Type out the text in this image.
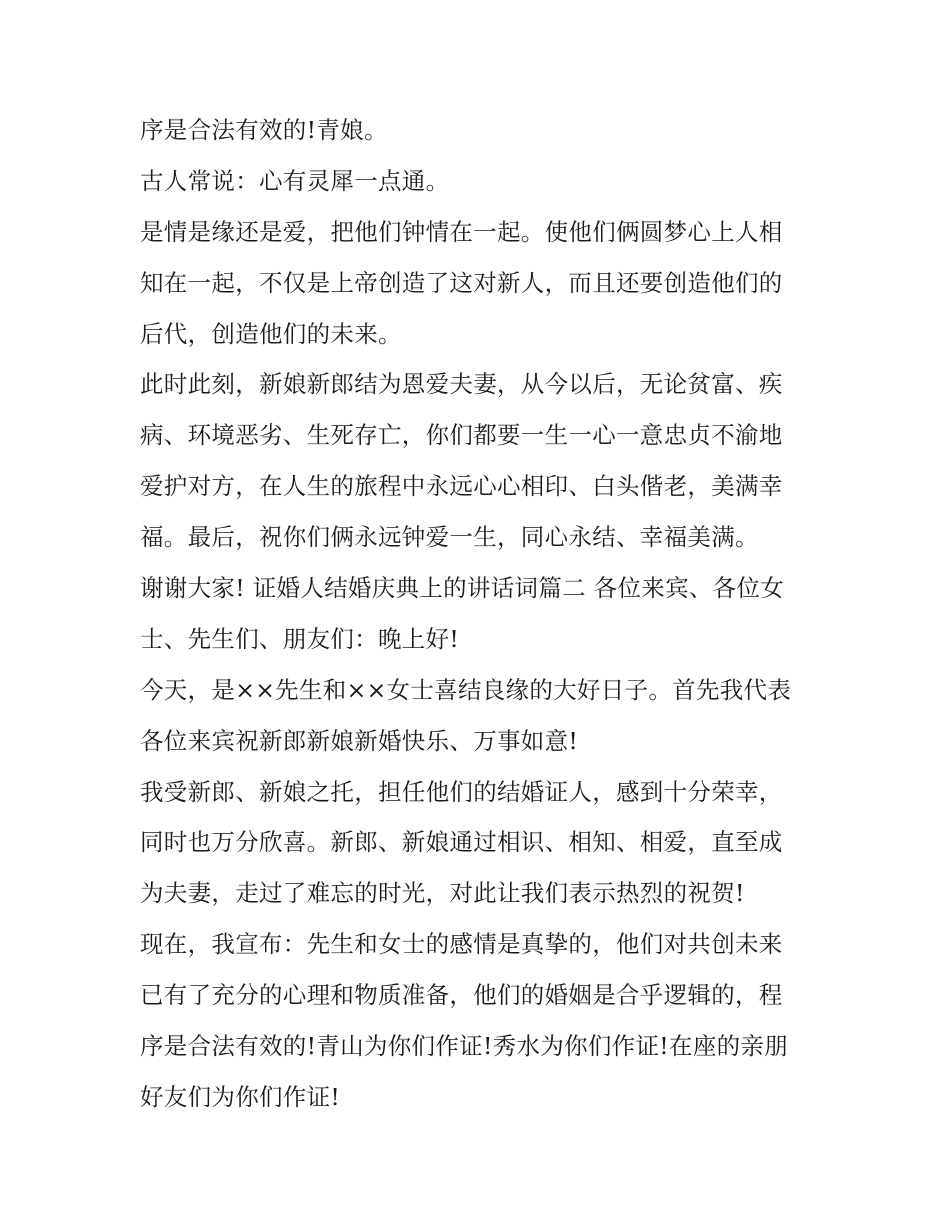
序是合法有效的!青娘。
古人常说：心有灵犀一点通。
是情是缘还是爱，把他们钟情在一起。使他们俩圆梦心上人相
知在一起，不仅是上帝创造了这对新人，而且还要创造他们的
后代，创造他们的未来。
此时此刻，新娘新郎结为恩爱夫妻，从今以后，无论贫富、疾
病、环境恶劣、生死存亡，你们都要一生一心一意忠贞不渝地
爱护对方，在人生的旅程中永远心心相印、白头偕老，美满幸
福。最后，祝你们俩永远钟爱一生，同心永结、幸福美满。
谢谢大家! 证婚人结婚庆典上的讲话词篇二 各位来宾、各位女
士、先生们、朋友们：晚上好!
今天，是××先生和××女士喜结良缘的大好日子。首先我代表
各位来宾祝新郎新娘新婚快乐、万事如意!
我受新郎、新娘之托，担任他们的结婚证人，感到十分荣幸，
同时也万分欣喜。新郎、新娘通过相识、相知、相爱，直至成
为夫妻，走过了难忘的时光，对此让我们表示热烈的祝贺!
现在，我宣布：先生和女士的感情是真挚的，他们对共创未来
已有了充分的心理和物质准备，他们的婚姻是合乎逻辑的，程
序是合法有效的!青山为你们作证!秀水为你们作证!在座的亲朋
好友们为你们作证!
